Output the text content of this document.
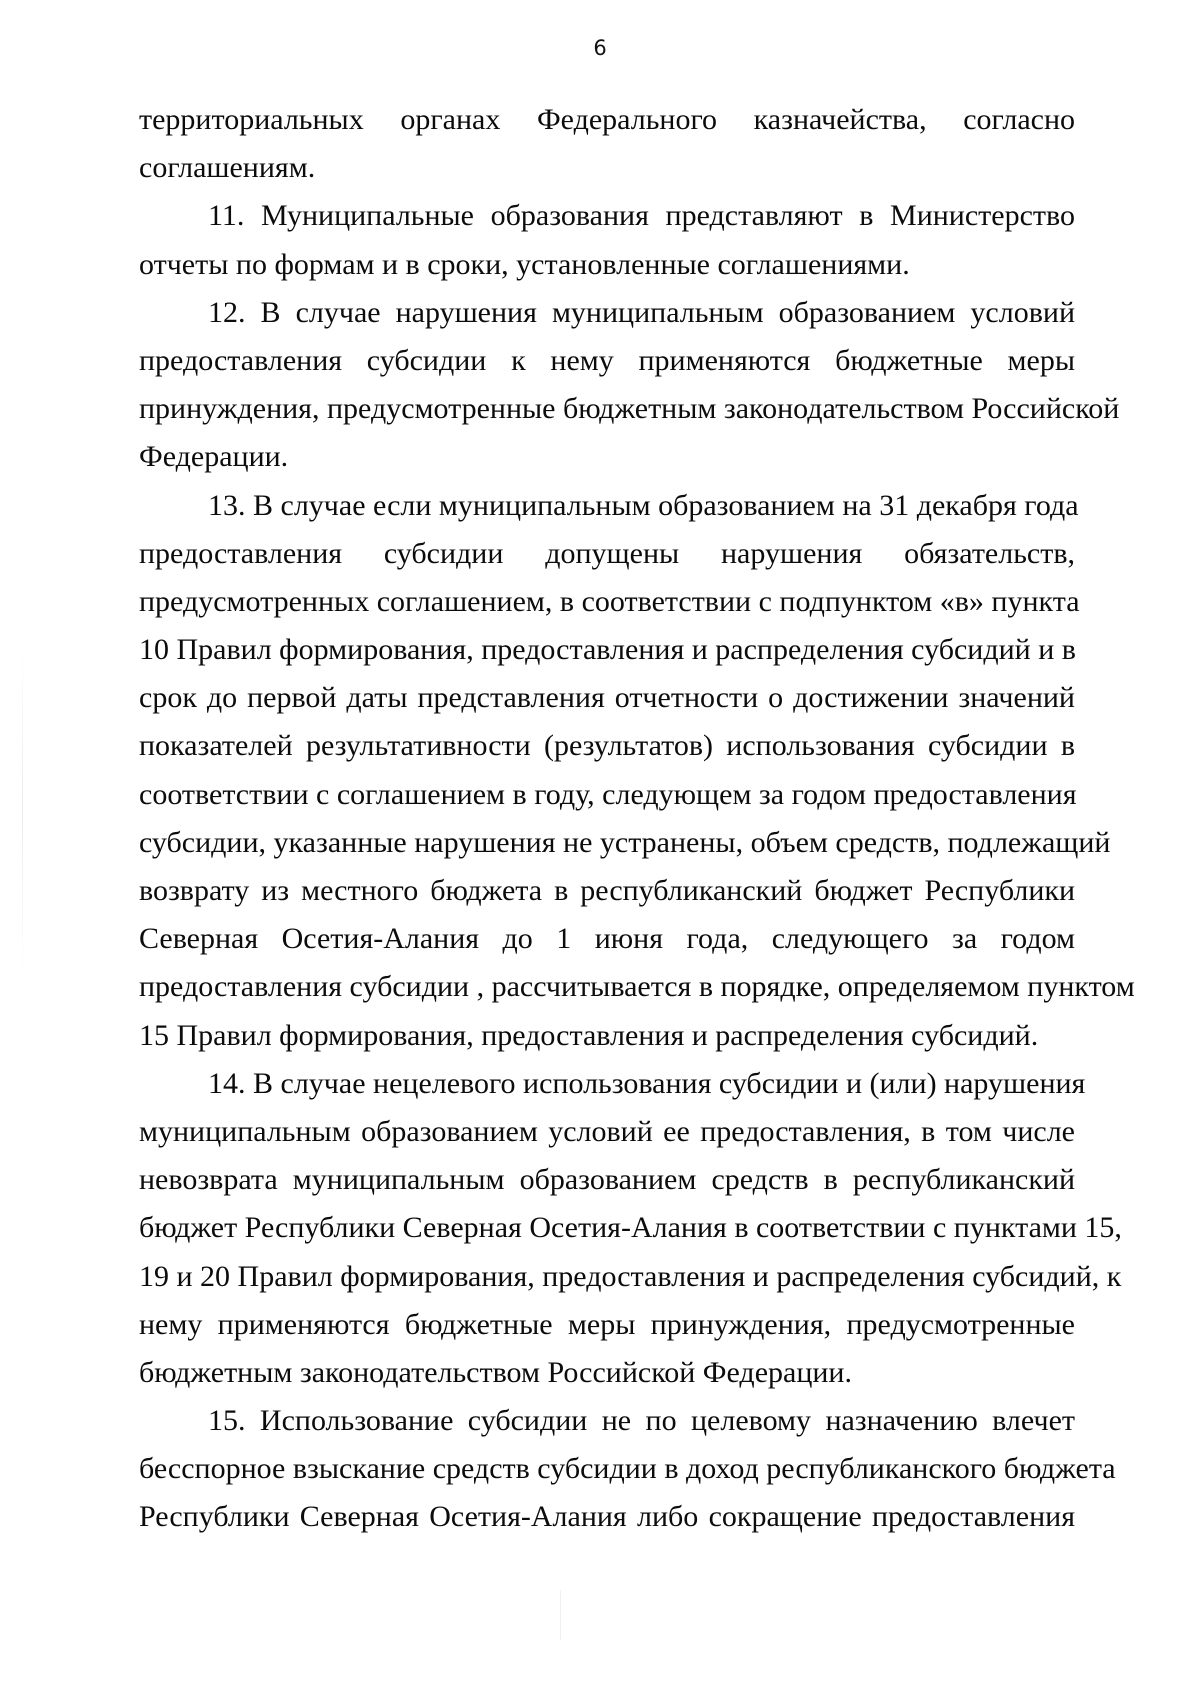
6
территориальных органах Федерального казначейства, согласно
соглашениям.
11. Муниципальные образования представляют в Министерство
отчеты по формам и в сроки, установленные соглашениями.
12. В случае нарушения муниципальным образованием условий
предоставления субсидии к нему применяются бюджетные меры
принуждения, предусмотренные бюджетным законодательством Российской
Федерации.
13. В случае если муниципальным образованием на 31 декабря года
предоставления субсидии допущены нарушения обязательств,
предусмотренных соглашением, в соответствии с подпунктом «в» пункта
10 Правил формирования, предоставления и распределения субсидий и в
срок до первой даты представления отчетности о достижении значений
показателей результативности (результатов) использования субсидии в
соответствии с соглашением в году, следующем за годом предоставления
субсидии, указанные нарушения не устранены, объем средств, подлежащий
возврату из местного бюджета в республиканский бюджет Республики
Северная Осетия-Алания до 1 июня года, следующего за годом
предоставления субсидии , рассчитывается в порядке, определяемом пунктом
15 Правил формирования, предоставления и распределения субсидий.
14. В случае нецелевого использования субсидии и (или) нарушения
муниципальным образованием условий ее предоставления, в том числе
невозврата муниципальным образованием средств в республиканский
бюджет Республики Северная Осетия-Алания в соответствии с пунктами 15,
19 и 20 Правил формирования, предоставления и распределения субсидий, к
нему применяются бюджетные меры принуждения, предусмотренные
бюджетным законодательством Российской Федерации.
15. Использование субсидии не по целевому назначению влечет
бесспорное взыскание средств субсидии в доход республиканского бюджета
Республики Северная Осетия-Алания либо сокращение предоставления
